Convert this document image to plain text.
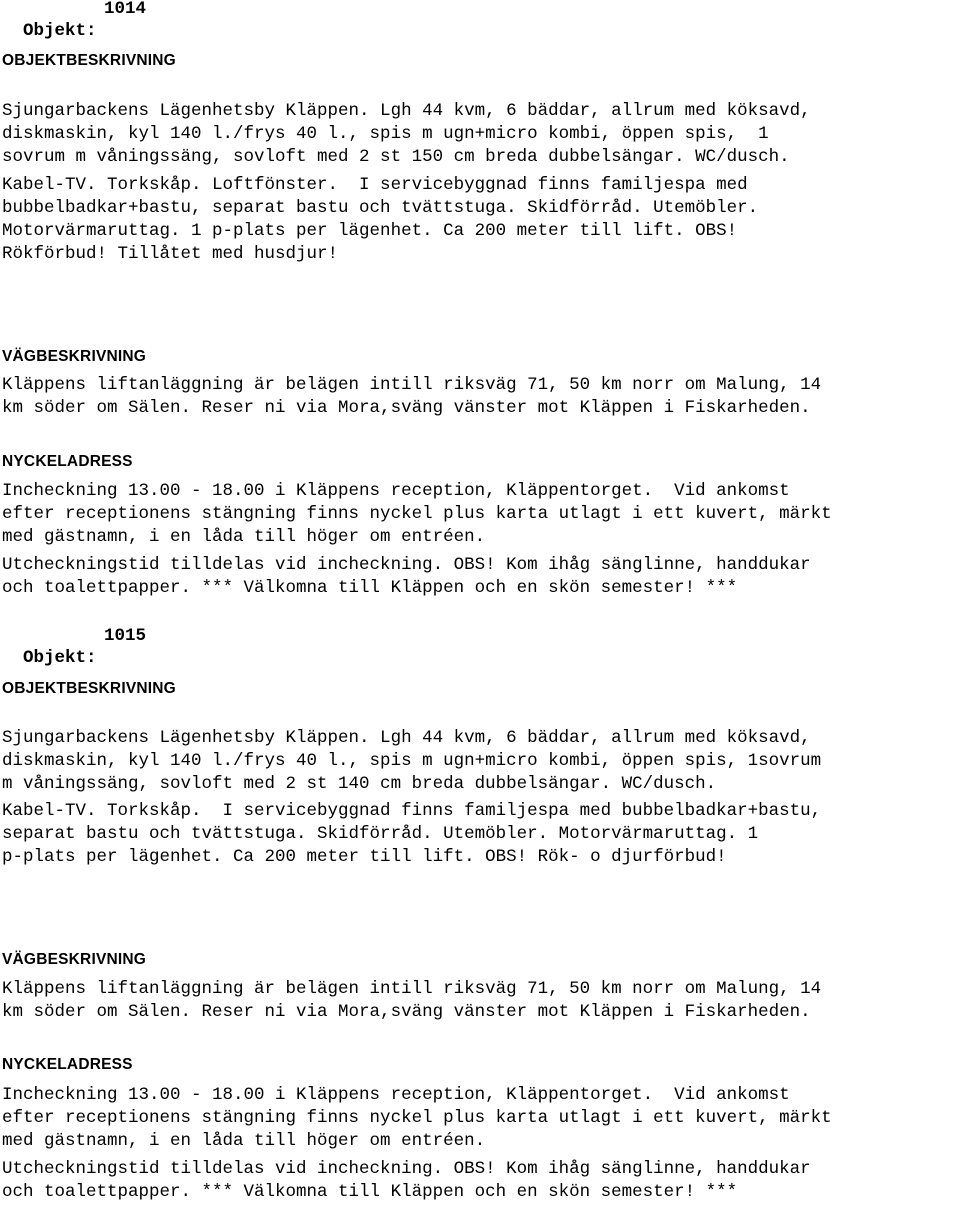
Objekt:

1014

OBJEKTBESKRIVNING
Sjungarbackens Lägenhetsby Kläppen. Lgh 44 kvm, 6 bäddar, allrum med köksavd,
diskmaskin, kyl 140 l./frys 40 l., spis m ugn+micro kombi, öppen spis,  1
sovrum m våningssäng, sovloft med 2 st 150 cm breda dubbelsängar. WC/dusch.
Kabel-TV. Torkskåp. Loftfönster.  I servicebyggnad finns familjespa med
bubbelbadkar+bastu, separat bastu och tvättstuga. Skidförråd. Utemöbler.
Motorvärmaruttag. 1 p-plats per lägenhet. Ca 200 meter till lift. OBS!
Rökförbud! Tillåtet med husdjur!
VÄGBESKRIVNING
Kläppens liftanläggning är belägen intill riksväg 71, 50 km norr om Malung, 14
km söder om Sälen. Reser ni via Mora,sväng vänster mot Kläppen i Fiskarheden.
NYCKELADRESS
Incheckning 13.00 - 18.00 i Kläppens reception, Kläppentorget.  Vid ankomst
efter receptionens stängning finns nyckel plus karta utlagt i ett kuvert, märkt
med gästnamn, i en låda till höger om entréen.
Utcheckningstid tilldelas vid incheckning. OBS! Kom ihåg sänglinne, handdukar
och toalettpapper. *** Välkomna till Kläppen och en skön semester! ***

Objekt:

1015

OBJEKTBESKRIVNING
Sjungarbackens Lägenhetsby Kläppen. Lgh 44 kvm, 6 bäddar, allrum med köksavd,
diskmaskin, kyl 140 l./frys 40 l., spis m ugn+micro kombi, öppen spis, 1sovrum
m våningssäng, sovloft med 2 st 140 cm breda dubbelsängar. WC/dusch.
Kabel-TV. Torkskåp.  I servicebyggnad finns familjespa med bubbelbadkar+bastu,
separat bastu och tvättstuga. Skidförråd. Utemöbler. Motorvärmaruttag. 1
p-plats per lägenhet. Ca 200 meter till lift. OBS! Rök- o djurförbud!
VÄGBESKRIVNING
Kläppens liftanläggning är belägen intill riksväg 71, 50 km norr om Malung, 14
km söder om Sälen. Reser ni via Mora,sväng vänster mot Kläppen i Fiskarheden.
NYCKELADRESS
Incheckning 13.00 - 18.00 i Kläppens reception, Kläppentorget.  Vid ankomst
efter receptionens stängning finns nyckel plus karta utlagt i ett kuvert, märkt
med gästnamn, i en låda till höger om entréen.
Utcheckningstid tilldelas vid incheckning. OBS! Kom ihåg sänglinne, handdukar
och toalettpapper. *** Välkomna till Kläppen och en skön semester! ***
